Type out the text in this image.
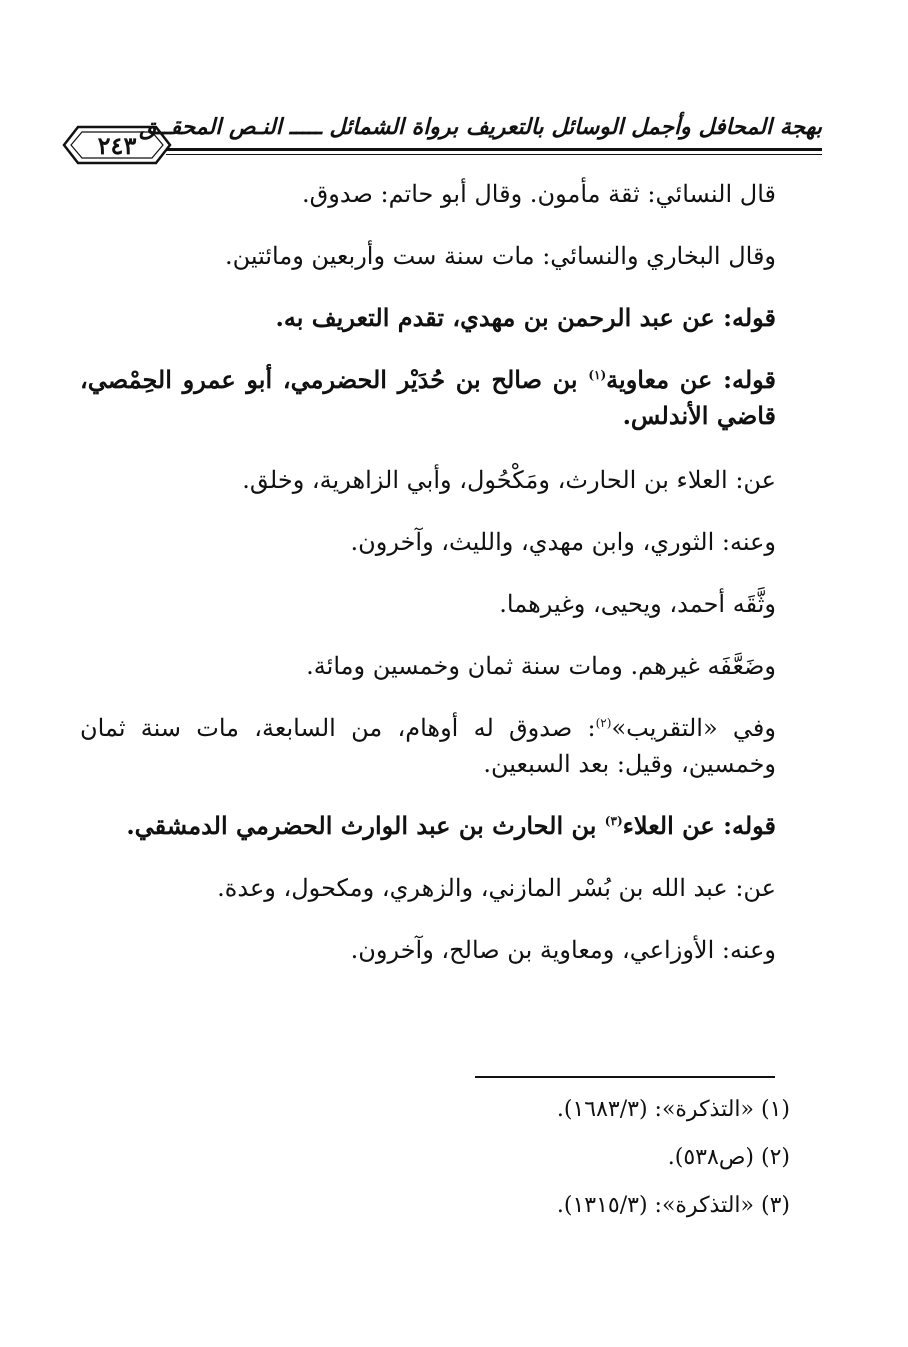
بهجة المحافل وأجمل الوسائل بالتعريف برواة الشمائل ـــــ النـص المحقــق
٢٤٣

قال النسائي: ثقة مأمون. وقال أبو حاتم: صدوق.

وقال البخاري والنسائي: مات سنة ست وأربعين ومائتين.

قوله: عن عبد الرحمن بن مهدي، تقدم التعريف به.

قوله: عن معاوية$^{(١)}$ بن صالح بن حُدَيْر الحضرمي، أبو عمرو الحِمْصي، قاضي الأندلس.

عن: العلاء بن الحارث، ومَكْحُول، وأبي الزاهرية، وخلق.

وعنه: الثوري، وابن مهدي، والليث، وآخرون.

وثَّقَه أحمد، ويحيى، وغيرهما.

وضَعَّفَه غيرهم. ومات سنة ثمان وخمسين ومائة.

وفي «التقريب»$^{(٢)}$: صدوق له أوهام، من السابعة، مات سنة ثمان وخمسين، وقيل: بعد السبعين.

قوله: عن العلاء$^{(٣)}$ بن الحارث بن عبد الوارث الحضرمي الدمشقي.

عن: عبد الله بن بُسْر المازني، والزهري، ومكحول، وعدة.

وعنه: الأوزاعي، ومعاوية بن صالح، وآخرون.

(١) «التذكرة»: (١٦٨٣/٣).

(٢) (ص٥٣٨).

(٣) «التذكرة»: (١٣١٥/٣).
